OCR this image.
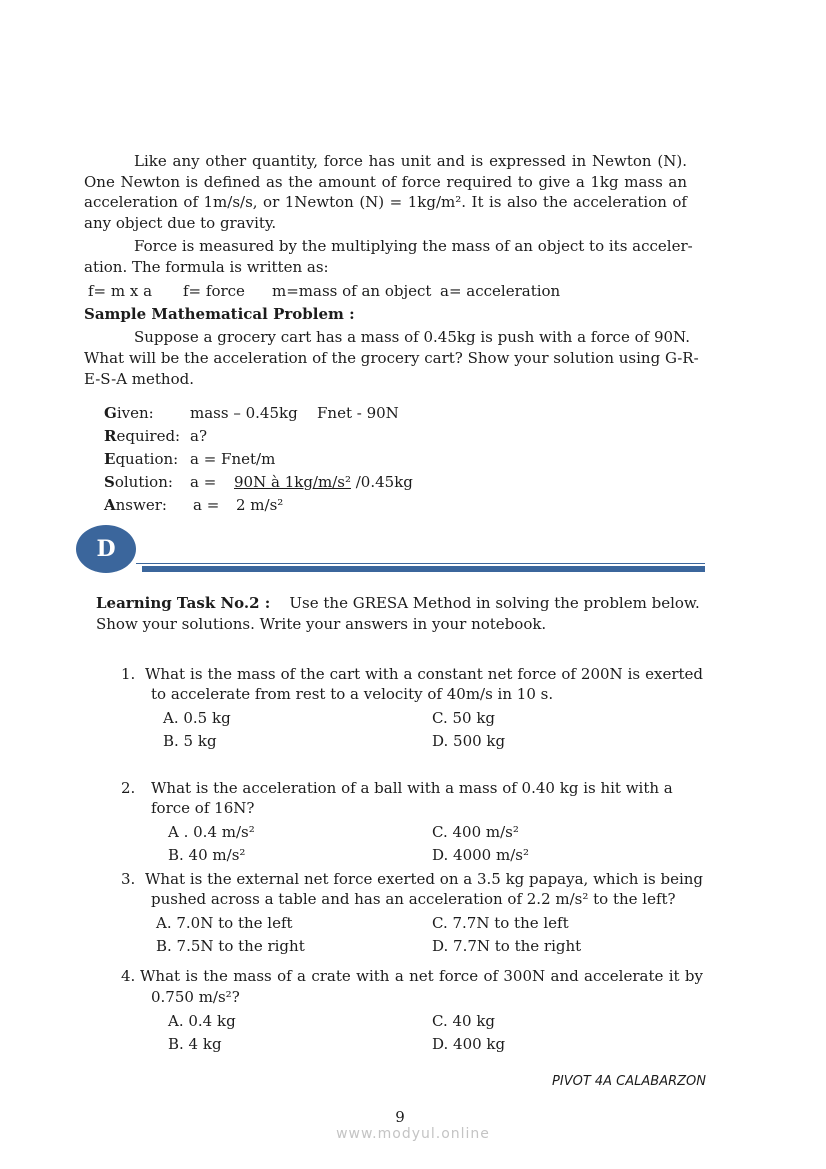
Like any other quantity, force has unit and is expressed in Newton (N).
One Newton is defined as the amount of force required to give a 1kg mass an
acceleration of 1m/s/s, or 1Newton (N) = 1kg/m². It is also the acceleration of
any object due to gravity.
Force is measured by the multiplying the mass of an object to its acceler-
ation. The formula is written as:
f= m x a f= force m=mass of an object a= acceleration
Sample Mathematical Problem :
Suppose a grocery cart has a mass of 0.45kg is push with a force of 90N.
What will be the acceleration of the grocery cart? Show your solution using G-R-
E-S-A method.
Given: mass – 0.45kg Fnet - 90N
Required: a?
Equation: a = Fnet/m
Solution: a = 90N à 1kg/m/s² /0.45kg
Answer: a = 2 m/s²
D
Learning Task No.2 : Use the GRESA Method in solving the problem below.
Show your solutions. Write your answers in your notebook.
1. What is the mass of the cart with a constant net force of 200N is exerted
to accelerate from rest to a velocity of 40m/s in 10 s.
A. 0.5 kg	C. 50 kg
B. 5 kg	D. 500 kg
2. What is the acceleration of a ball with a mass of 0.40 kg is hit with a
force of 16N?
A . 0.4 m/s²	C. 400 m/s²
B. 40 m/s²	D. 4000 m/s²
3. What is the external net force exerted on a 3.5 kg papaya, which is being
pushed across a table and has an acceleration of 2.2 m/s² to the left?
A. 7.0N to the left	C. 7.7N to the left
B. 7.5N to the right	D. 7.7N to the right
4. What is the mass of a crate with a net force of 300N and accelerate it by
0.750 m/s²?
A. 0.4 kg	C. 40 kg
B. 4 kg	D. 400 kg
PIVOT 4A CALABARZON
9
www.modyul.online
